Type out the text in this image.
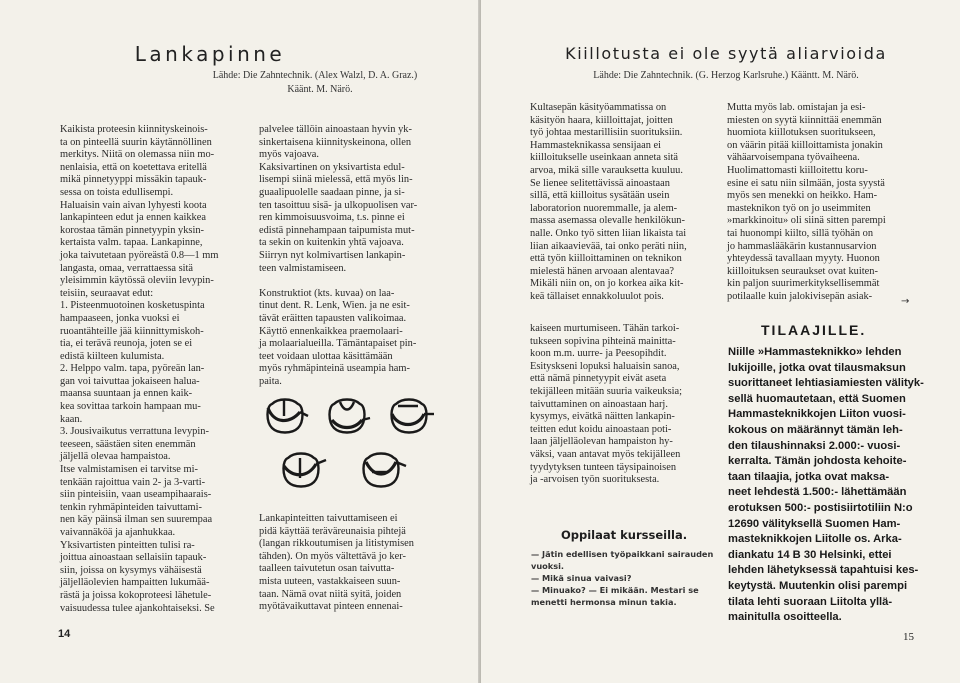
Lankapinne
Lähde: Die Zahntechnik. (Alex Walzl, D. A. Graz.)
Käänt. M. Närö.

Kaikista proteesin kiinnityskeinois-
ta on pinteellä suurin käytännöllinen
merkitys. Niitä on olemassa niin mo-
nenlaisia, että on koetettava eritellä
mikä pinnetyyppi missäkin tapauk-
sessa on toista edullisempi.
Haluaisin vain aivan lyhyesti koota
lankapinteen edut ja ennen kaikkea
korostaa tämän pinnetyypin yksin-
kertaista valm. tapaa. Lankapinne,
joka taivutetaan pyöreästä 0.8—1 mm
langasta, omaa, verrattaessa sitä
yleisimmin käytössä oleviin levypin-
teisiin, seuraavat edut:
1. Pisteenmuotoinen kosketuspinta
hampaaseen, jonka vuoksi ei
ruoantähteille jää kiinnittymiskoh-
tia, ei terävä reunoja, joten se ei
edistä kiilteen kulumista.
2. Helppo valm. tapa, pyöreän lan-
gan voi taivuttaa jokaiseen halua-
maansa suuntaan ja ennen kaik-
kea sovittaa tarkoin hampaan mu-
kaan.
3. Jousivaikutus verrattuna levypin-
teeseen, säästäen siten enemmän
jäljellä olevaa hampaistoa.
Itse valmistamisen ei tarvitse mi-
tenkään rajoittua vain 2- ja 3-varti-
siin pinteisiin, vaan useampihaarais-
tenkin ryhmäpinteiden taivuttami-
nen käy päinsä ilman sen suurempaa
vaivannäköä ja ajanhukkaa.
Yksivartisten pinteitten tulisi ra-
joittua ainoastaan sellaisiin tapauk-
siin, joissa on kysymys vähäisestä
jäljelläolevien hampaitten lukumää-
rästä ja joissa kokoproteesi lähetule-
vaisuudessa tulee ajankohtaiseksi. Se

palvelee tällöin ainoastaan hyvin yk-
sinkertaisena kiinnityskeinona, ollen
myös vajoava.
Kaksivartinen on yksivartista edul-
lisempi siinä mielessä, että myös lin-
guaalipuolelle saadaan pinne, ja si-
ten tasoittuu sisä- ja ulkopuolisen var-
ren kimmoisuusvoima, t.s. pinne ei
edistä pinnehampaan taipumista mut-
ta sekin on kuitenkin yhtä vajoava.
Siirryn nyt kolmivartisen lankapin-
teen valmistamiseen.

Konstruktiot (kts. kuvaa) on laa-
tinut dent. R. Lenk, Wien. ja ne esit-
tävät eräitten tapausten valikoimaa.
Käyttö ennenkaikkea praemolaari-
ja molaarialueilla. Tämäntapaiset pin-
teet voidaan ulottaa käsittämään
myös ryhmäpinteinä useampia ham-
paita.

Lankapinteitten taivuttamiseen ei
pidä käyttää teräväreunaisia pihtejä
(langan rikkoutumisen ja litistymisen
tähden). On myös vältettävä jo ker-
taalleen taivutetun osan taivutta-
mista uuteen, vastakkaiseen suun-
taan. Nämä ovat niitä syitä, joiden
myötävaikuttavat pinteen ennenai-

14
Kiillotusta ei ole syytä aliarvioida
Lähde: Die Zahntechnik. (G. Herzog Karlsruhe.) Kääntt. M. Närö.

Kultasepän käsityöammatissa on
käsityön haara, kiilloittajat, joitten
työ johtaa mestarillisiin suorituksiin.
Hammasteknikassa sensijaan ei
kiilloitukselle useinkaan anneta sitä
arvoa, mikä sille varauksetta kuuluu.
Se lienee selitettävissä ainoastaan
sillä, että kiilloitus sysätään usein
laboratorion nuoremmalle, ja alem-
massa asemassa olevalle henkilökun-
nalle. Onko työ sitten liian likaista tai
liian aikaavievää, tai onko peräti niin,
että työn kiilloittaminen on teknikon
mielestä hänen arvoaan alentavaa?
Mikäli niin on, on jo korkea aika kit-
keä tällaiset ennakkoluulot pois.

kaiseen murtumiseen. Tähän tarkoi-
tukseen sopivina pihteinä mainitta-
koon m.m. uurre- ja Peesopihdit.
Esityskseni lopuksi haluaisin sanoa,
että nämä pinnetyypit eivät aseta
tekijälleen mitään suuria vaikeuksia;
taivuttaminen on ainoastaan harj.
kysymys, eivätkä näitten lankapin-
teitten edut koidu ainoastaan poti-
laan jäljelläolevan hampaiston hy-
väksi, vaan antavat myös tekijälleen
tyydytyksen tunteen täysipainoisen
ja -arvoisen työn suorituksesta.

Oppilaat kursseilla.
— Jätin edellisen työpaikkani sairauden
vuoksi.
— Mikä sinua vaivasi?
— Minuako? — Ei mikään. Mestari se
menetti hermonsa minun takia.

Mutta myös lab. omistajan ja esi-
miesten on syytä kiinnittää enemmän
huomiota kiillotuksen suoritukseen,
on väärin pitää kiilloittamista jonakin
vähäarvoisempana työvaiheena.
Huolimattomasti kiilloitettu koru-
esine ei satu niin silmään, josta syystä
myös sen menekki on heikko. Ham-
masteknikon työ on jo useimmiten
»markkinoitu» oli siinä sitten parempi
tai huonompi kiilto, sillä työhän on
jo hammaslääkärin kustannusarvion
yhteydessä tavallaan myyty. Huonon
kiilloituksen seuraukset ovat kuiten-
kin paljon suurimerkityksellisemmät
potilaalle kuin jalokivisepän asiak-	→
TILAAJILLE.
Niille »Hammasteknikko» lehden
lukijoille, jotka ovat tilausmaksun
suorittaneet lehtiasiamiesten välityk-
sellä huomautetaan, että Suomen
Hammasteknikkojen Liiton vuosi-
kokous on määrännyt tämän leh-
den tilaushinnaksi 2.000:- vuosi-
kerralta. Tämän johdosta kehoite-
taan tilaajia, jotka ovat maksa-
neet lehdestä 1.500:- lähettämään
erotuksen 500:- postisiirtotiliin N:o
12690 välityksellä Suomen Ham-
masteknikkojen Liitolle os. Arka-
diankatu 14 B 30 Helsinki, ettei
lehden lähetyksessä tapahtuisi kes-
keytystä. Muutenkin olisi parempi
tilata lehti suoraan Liitolta yllä-
mainitulla osoitteella.
15
